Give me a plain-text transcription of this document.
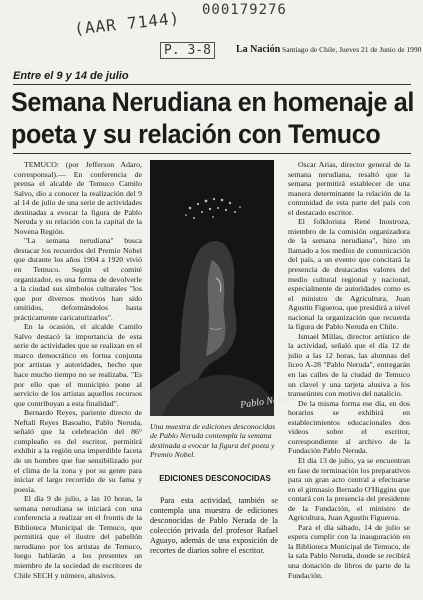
(AAR 7144) 000179276
P. 3-8	La Nación Santiago de Chile, Jueves 21 de Junio de 1990
Entre el 9 y 14 de julio
Semana Nerudiana en homenaje al
poeta y su relación con Temuco

TEMUCO: (por Jefferson Adaro, corresponsal).— En conferencia de prensa el alcalde de Temuco Camilo Salvo, dio a conocer la realización del 9 al 14 de julio de una serie de actividades destinadas a evocar la figura de Pablo Neruda y su relación con la capital de la Novena Región.

"La semana nerudiana" busca destacar los recuerdos del Premio Nobel que durante los años 1904 a 1920 vivió en Temuco. Según el comité organizador, es una forma de devolverle a la ciudad sus símbolos culturales "los que por diversos motivos han sido omitidos, deformándolos hasta prácticamente caricaturizarlos".

En la ocasión, el alcalde Camilo Salvo destacó la importancia de esta serie de actividades que se realizan en el marco democrático en forma conjunta por artistas y autoridades, hecho que hace mucho tiempo no se realizaba. "Es por ello que el municipio pone al servicio de los artistas aquellos recursos que contribuyan a esta finalidad".

Bernardo Reyes, pariente directo de Neftalí Reyes Basoalto, Pablo Neruda, señaló que la celebración del 86° cumpleaño es del escritor, permitirá exhibir a la región una imperdible faceta de un hombre que fue sensibilizado por el clima de la zona y por su gente para iniciar el largo recorrido de su fama y poesía.

El día 9 de julio, a las 10 horas, la semana nerudiana se iniciará con una conferencia a realizar en el frontis de la Biblioteca Municipal de Temuco, que permitirá que el ilustre del pabellón nerudiano por los artistas de Temuco, luego hablarán a los presentes un miembro de la sociedad de escritores de Chile SECH y número, alusivos.

Pablo Neruda
Una muestra de ediciones desconocidas de Pablo Neruda contempla la semana destinada a evocar la figura del poeta y Premio Nobel.
EDICIONES DESCONOCIDAS

Para esta actividad, también se contempla una muestra de ediciones desconocidas de Pablo Neruda de la colección privada del profesor Rafael Aguayo, además de una exposición de recortes de diarios sobre el escritor.

Oscar Arias, director general de la semana nerudiana, resaltó que la semana permitirá establecer de una manera determinante la relación de la comunidad de esta parte del país con el destacado escritor.

El folklorista René Inostroza, miembro de la comisión organizadora de la semana nerudiana", hizo un llamado a los medios de comunicación del país, a un evento que concitará la presencia de destacados valores del medio cultural regional y nacional, especialmente de autoridades como es el ministro de Agricultura, Juan Agustín Figueroa, que presidirá a nivel nacional la organización que recuerda la figura de Pablo Neruda en Chile.

Ismael Millas, director artístico de la actividad, señaló que el día 12 de julio a las 12 horas, las alumnas del liceo A-28 "Pablo Neruda", entregarán en las calles de la ciudad de Temuco un clavel y una tarjeta alusiva a los transeúntes con motivo del natalicio.

De la misma forma ese día, en dos horarios se exhibirá en establecimientos educacionales dos videos sobre el escritor, correspondiente al archivo de la Fundación Pablo Neruda.

El día 13 de julio, ya se encuentran en fase de terminación los preparativos para un gran acto central a efectuarse en el gimnasio Bernado O'Higgins que contará con la presencia del presidente de la Fundación, el ministro de Agricultura, Juan Agustín Figueroa.

Para el día sábado, 14 de julio se espera cumplir con la inauguración en la Biblioteca Municipal de Temuco, de la sala Pablo Neruda, donde se recibirá una donación de libros de parte de la Fundación.
